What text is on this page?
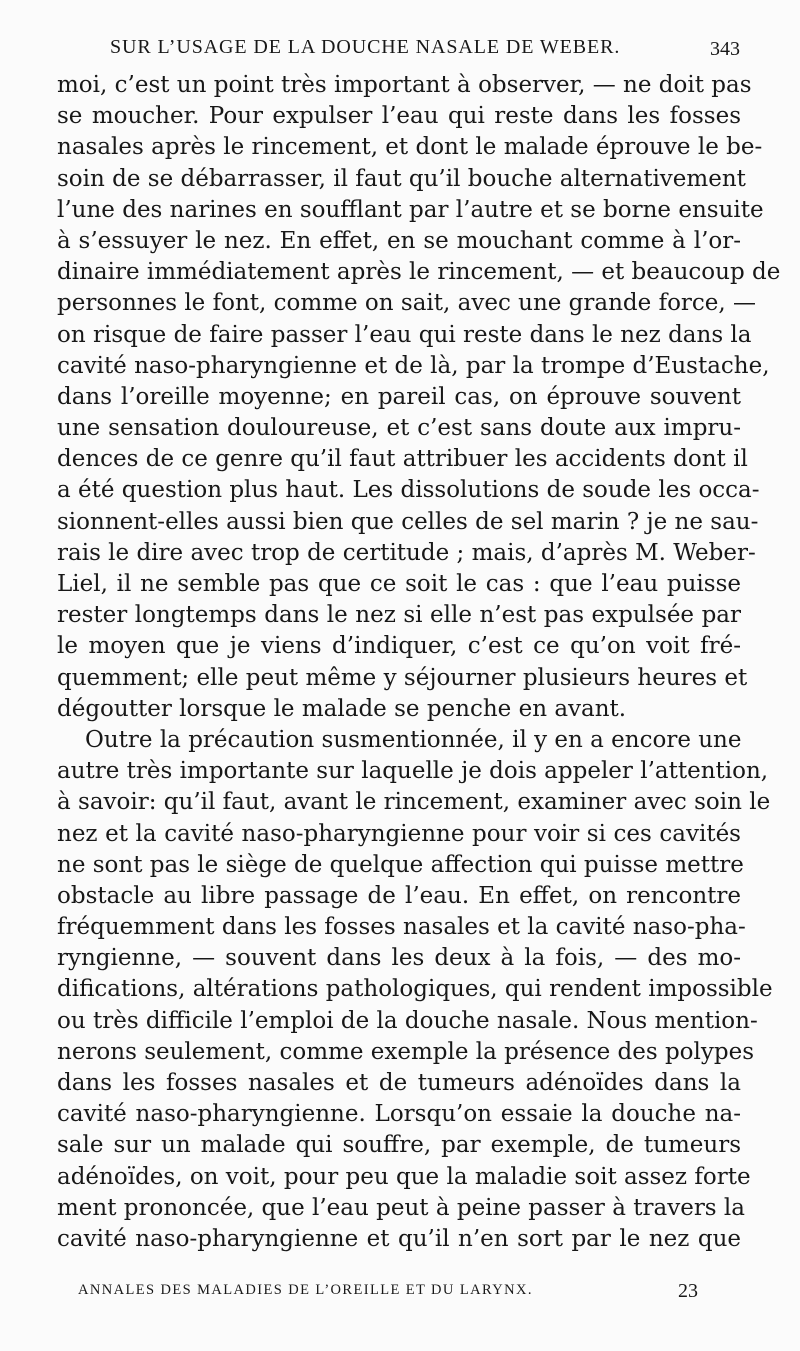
SUR L’USAGE DE LA DOUCHE NASALE DE WEBER.	343
moi, c’est un point très important à observer, — ne doit pas
se moucher. Pour expulser l’eau qui reste dans les fosses
nasales après le rincement, et dont le malade éprouve le be-
soin de se débarrasser, il faut qu’il bouche alternativement
l’une des narines en soufflant par l’autre et se borne ensuite
à s’essuyer le nez. En effet, en se mouchant comme à l’or-
dinaire immédiatement après le rincement, — et beaucoup de
personnes le font, comme on sait, avec une grande force, —
on risque de faire passer l’eau qui reste dans le nez dans la
cavité naso-pharyngienne et de là, par la trompe d’Eustache,
dans l’oreille moyenne; en pareil cas, on éprouve souvent
une sensation douloureuse, et c’est sans doute aux impru-
dences de ce genre qu’il faut attribuer les accidents dont il
a été question plus haut. Les dissolutions de soude les occa-
sionnent-elles aussi bien que celles de sel marin ? je ne sau-
rais le dire avec trop de certitude ; mais, d’après M. Weber-
Liel, il ne semble pas que ce soit le cas : que l’eau puisse
rester longtemps dans le nez si elle n’est pas expulsée par
le moyen que je viens d’indiquer, c’est ce qu’on voit fré-
quemment; elle peut même y séjourner plusieurs heures et
dégoutter lorsque le malade se penche en avant.
Outre la précaution susmentionnée, il y en a encore une
autre très importante sur laquelle je dois appeler l’attention,
à savoir: qu’il faut, avant le rincement, examiner avec soin le
nez et la cavité naso-pharyngienne pour voir si ces cavités
ne sont pas le siège de quelque affection qui puisse mettre
obstacle au libre passage de l’eau. En effet, on rencontre
fréquemment dans les fosses nasales et la cavité naso-pha-
ryngienne, — souvent dans les deux à la fois, — des mo-
difications, altérations pathologiques, qui rendent impossible
ou très difficile l’emploi de la douche nasale. Nous mention-
nerons seulement, comme exemple la présence des polypes
dans les fosses nasales et de tumeurs adénoïdes dans la
cavité naso-pharyngienne. Lorsqu’on essaie la douche na-
sale sur un malade qui souffre, par exemple, de tumeurs
adénoïdes, on voit, pour peu que la maladie soit assez forte
ment prononcée, que l’eau peut à peine passer à travers la
cavité naso-pharyngienne et qu’il n’en sort par le nez que
ANNALES DES MALADIES DE L’OREILLE ET DU LARYNX.	23
